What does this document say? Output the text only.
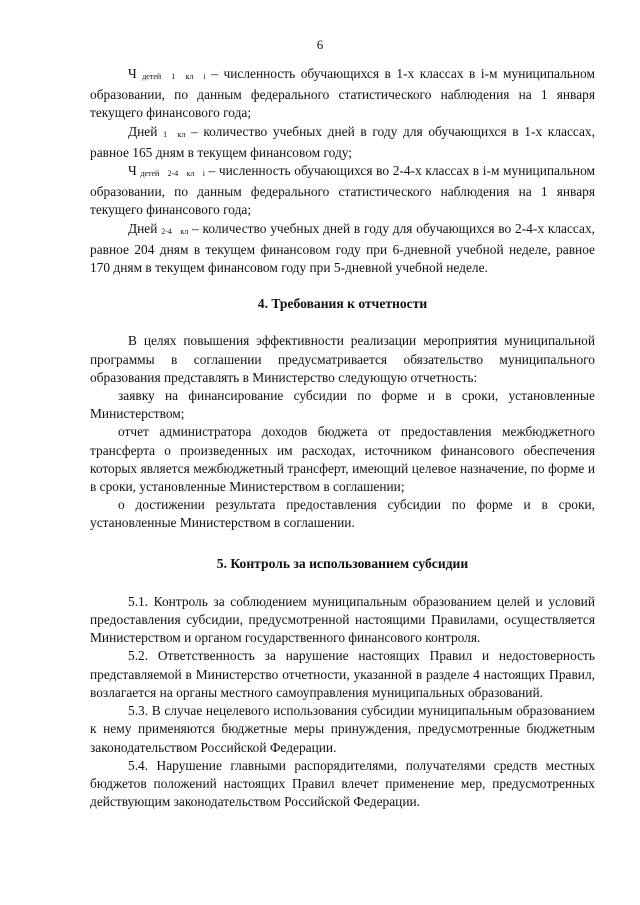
6

Ч детей 1 кл i – численность обучающихся в 1-х классах в i-м муниципальном образовании, по данным федерального статистического наблюдения на 1 января текущего финансового года;

Дней 1 кл – количество учебных дней в году для обучающихся в 1-х классах, равное 165 дням в текущем финансовом году;

Ч детей 2-4 кл i – численность обучающихся во 2-4-х классах в i-м муниципальном образовании, по данным федерального статистического наблюдения на 1 января текущего финансового года;

Дней 2-4 кл – количество учебных дней в году для обучающихся во 2-4-х классах, равное 204 дням в текущем финансовом году при 6-дневной учебной неделе, равное 170 дням в текущем финансовом году при 5-дневной учебной неделе.

4. Требования к отчетности

В целях повышения эффективности реализации мероприятия муниципальной программы в соглашении предусматривается обязательство муниципального образования представлять в Министерство следующую отчетность:

заявку на финансирование субсидии по форме и в сроки, установленные Министерством;

отчет администратора доходов бюджета от предоставления межбюджетного трансферта о произведенных им расходах, источником финансового обеспечения которых является межбюджетный трансферт, имеющий целевое назначение, по форме и в сроки, установленные Министерством в соглашении;

о достижении результата предоставления субсидии по форме и в сроки, установленные Министерством в соглашении.

5. Контроль за использованием субсидии

5.1. Контроль за соблюдением муниципальным образованием целей и условий предоставления субсидии, предусмотренной настоящими Правилами, осуществляется Министерством и органом государственного финансового контроля.

5.2. Ответственность за нарушение настоящих Правил и недостоверность представляемой в Министерство отчетности, указанной в разделе 4 настоящих Правил, возлагается на органы местного самоуправления муниципальных образований.

5.3. В случае нецелевого использования субсидии муниципальным образованием к нему применяются бюджетные меры принуждения, предусмотренные бюджетным законодательством Российской Федерации.

5.4. Нарушение главными распорядителями, получателями средств местных бюджетов положений настоящих Правил влечет применение мер, предусмотренных действующим законодательством Российской Федерации.
